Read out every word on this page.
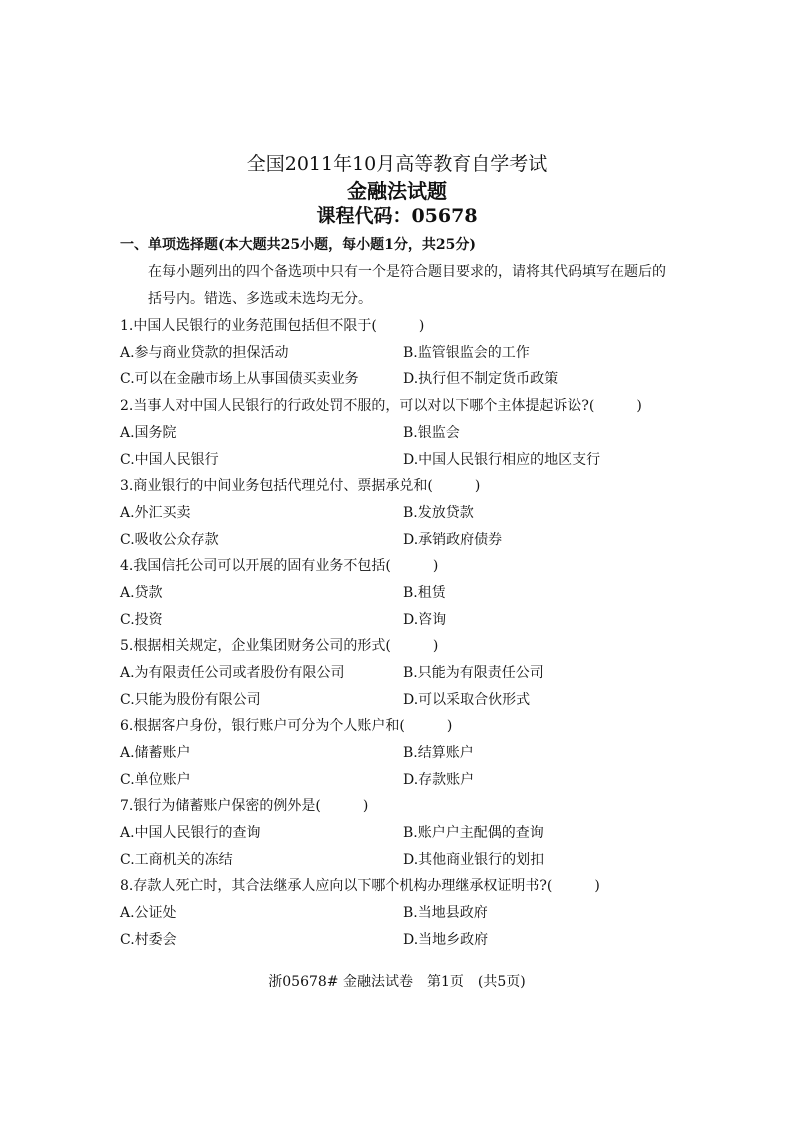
全国2011年10月高等教育自学考试
金融法试题
课程代码：05678
一、单项选择题(本大题共25小题，每小题1分，共25分)
在每小题列出的四个备选项中只有一个是符合题目要求的，请将其代码填写在题后的
括号内。错选、多选或未选均无分。
1.中国人民银行的业务范围包括但不限于(　　　)
A.参与商业贷款的担保活动	B.监管银监会的工作
C.可以在金融市场上从事国债买卖业务	D.执行但不制定货币政策
2.当事人对中国人民银行的行政处罚不服的，可以对以下哪个主体提起诉讼?(　　　)
A.国务院	B.银监会
C.中国人民银行	D.中国人民银行相应的地区支行
3.商业银行的中间业务包括代理兑付、票据承兑和(　　　)
A.外汇买卖	B.发放贷款
C.吸收公众存款	D.承销政府债券
4.我国信托公司可以开展的固有业务不包括(　　　)
A.贷款	B.租赁
C.投资	D.咨询
5.根据相关规定，企业集团财务公司的形式(　　　)
A.为有限责任公司或者股份有限公司	B.只能为有限责任公司
C.只能为股份有限公司	D.可以采取合伙形式
6.根据客户身份，银行账户可分为个人账户和(　　　)
A.储蓄账户	B.结算账户
C.单位账户	D.存款账户
7.银行为储蓄账户保密的例外是(　　　)
A.中国人民银行的查询	B.账户户主配偶的查询
C.工商机关的冻结	D.其他商业银行的划扣
8.存款人死亡时，其合法继承人应向以下哪个机构办理继承权证明书?(　　　)
A.公证处	B.当地县政府
C.村委会	D.当地乡政府
浙05678# 金融法试卷　第1页　(共5页)
